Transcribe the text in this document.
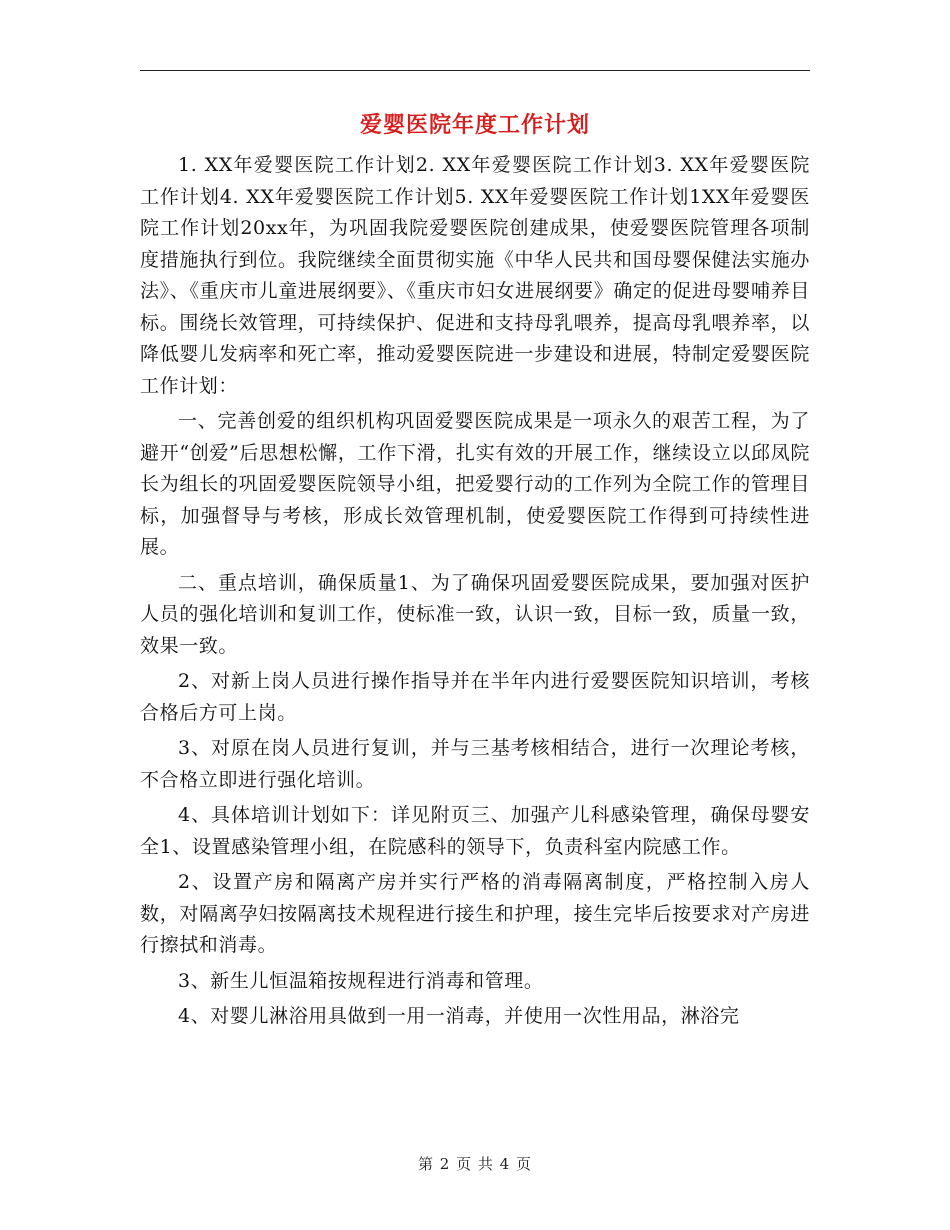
爱婴医院年度工作计划

1. XX年爱婴医院工作计划2. XX年爱婴医院工作计划3. XX年爱婴医院工作计划4. XX年爱婴医院工作计划5. XX年爱婴医院工作计划1XX年爱婴医院工作计划20xx年，为巩固我院爱婴医院创建成果，使爱婴医院管理各项制度措施执行到位。我院继续全面贯彻实施《中华人民共和国母婴保健法实施办法》、《重庆市儿童进展纲要》、《重庆市妇女进展纲要》确定的促进母婴哺养目标。围绕长效管理，可持续保护、促进和支持母乳喂养，提高母乳喂养率，以降低婴儿发病率和死亡率，推动爱婴医院进一步建设和进展，特制定爱婴医院工作计划：

一、完善创爱的组织机构巩固爱婴医院成果是一项永久的艰苦工程，为了避开“创爱”后思想松懈，工作下滑，扎实有效的开展工作，继续设立以邱凤院长为组长的巩固爱婴医院领导小组，把爱婴行动的工作列为全院工作的管理目标，加强督导与考核，形成长效管理机制，使爱婴医院工作得到可持续性进展。

二、重点培训，确保质量1、为了确保巩固爱婴医院成果，要加强对医护人员的强化培训和复训工作，使标准一致，认识一致，目标一致，质量一致，效果一致。

2、对新上岗人员进行操作指导并在半年内进行爱婴医院知识培训，考核合格后方可上岗。

3、对原在岗人员进行复训，并与三基考核相结合，进行一次理论考核，不合格立即进行强化培训。

4、具体培训计划如下：详见附页三、加强产儿科感染管理，确保母婴安全1、设置感染管理小组，在院感科的领导下，负责科室内院感工作。

2、设置产房和隔离产房并实行严格的消毒隔离制度，严格控制入房人数，对隔离孕妇按隔离技术规程进行接生和护理，接生完毕后按要求对产房进行擦拭和消毒。

3、新生儿恒温箱按规程进行消毒和管理。

4、对婴儿淋浴用具做到一用一消毒，并使用一次性用品，淋浴完

第 2 页 共 4 页
